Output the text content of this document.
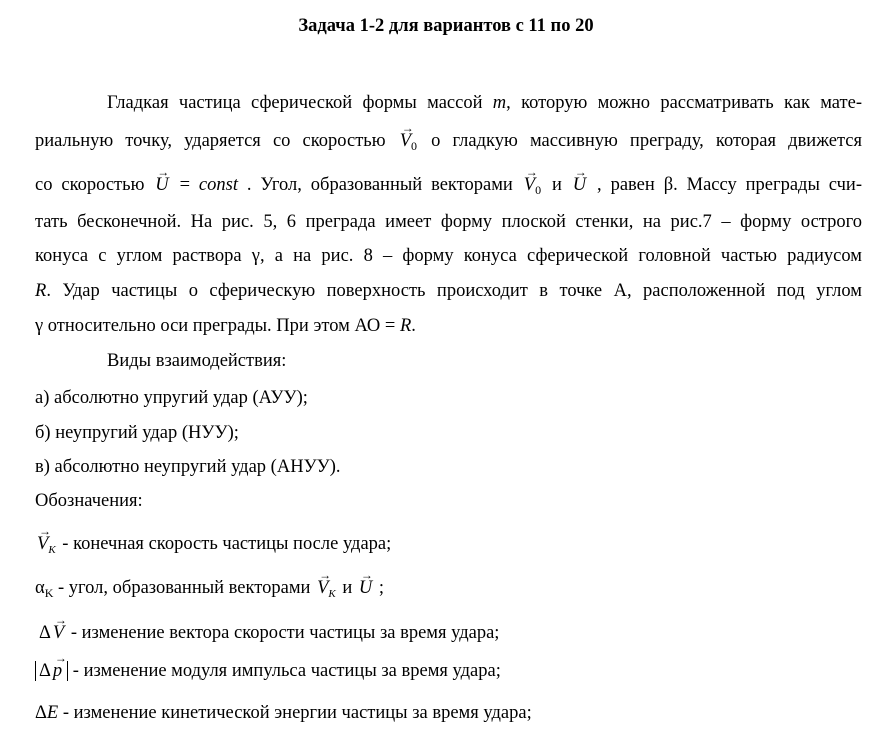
Задача 1-2 для вариантов с 11 по 20
Гладкая частица сферической формы массой m, которую можно рассматривать как мате-
риальную точку, ударяется со скоростью → $V_0$ о гладкую массивную преграду, которая движется
со скоростью → U = const . Угол, образованный векторами → $V_0$ и → U , равен β. Массу преграды счи-
тать бесконечной. На рис. 5, 6 преграда имеет форму плоской стенки, на рис.7 – форму острого
конуса с углом раствора γ, а на рис. 8 – форму конуса сферической головной частью радиусом
R. Удар частицы о сферическую поверхность происходит в точке А, расположенной под углом
γ относительно оси преграды. При этом АО = R.
Виды взаимодействия:
а) абсолютно упругий удар (АУУ);
б) неупругий удар (НУУ);
в) абсолютно неупругий удар (АНУУ).
Обозначения:
→ $V_K$ - конечная скорость частицы после удара;
$\alpha_K$ - угол, образованный векторами → $V_K$ и → U ;
Δ → V - изменение вектора скорости частицы за время удара;
Δ → p - изменение модуля импульса частицы за время удара;
ΔE - изменение кинетической энергии частицы за время удара;
